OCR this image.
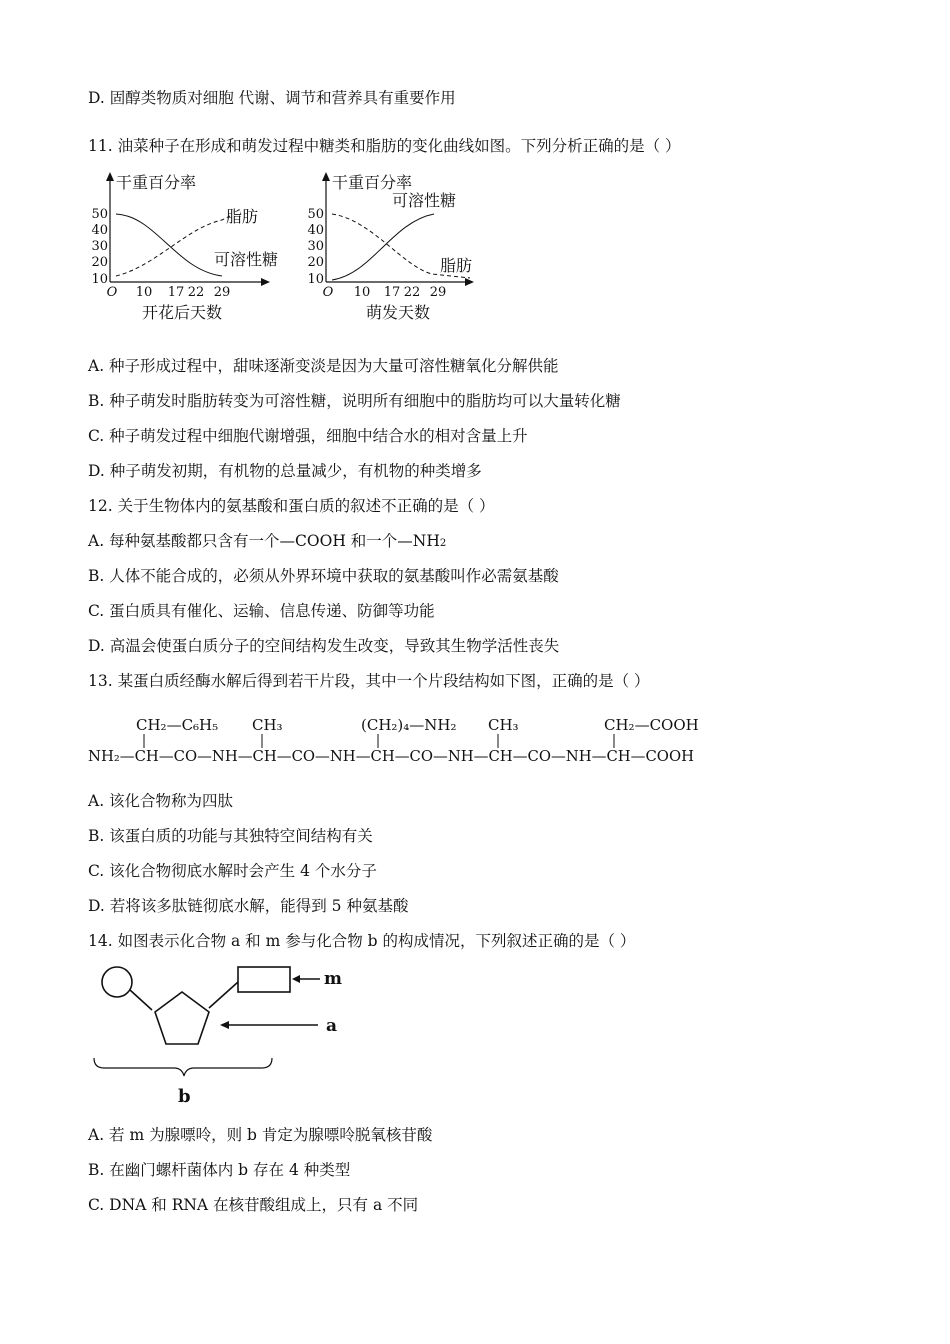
D. 固醇类物质对细胞 代谢、调节和营养具有重要作用
11. 油菜种子在形成和萌发过程中糖类和脂肪的变化曲线如图。下列分析正确的是（ ）
干重百分率
50
40
30
20
10
O 10 17 22 29
脂肪
可溶性糖
开花后天数
干重百分率
50
40
30
20
10
O 10 17 22 29
可溶性糖
脂肪
萌发天数
A. 种子形成过程中，甜味逐渐变淡是因为大量可溶性糖氧化分解供能
B. 种子萌发时脂肪转变为可溶性糖，说明所有细胞中的脂肪均可以大量转化糖
C. 种子萌发过程中细胞代谢增强，细胞中结合水的相对含量上升
D. 种子萌发初期，有机物的总量减少，有机物的种类增多
12. 关于生物体内的氨基酸和蛋白质的叙述不正确的是（ ）
A. 每种氨基酸都只含有一个—COOH 和一个—NH2
B. 人体不能合成的，必须从外界环境中获取的氨基酸叫作必需氨基酸
C. 蛋白质具有催化、运输、信息传递、防御等功能
D. 高温会使蛋白质分子的空间结构发生改变，导致其生物学活性丧失
13. 某蛋白质经酶水解后得到若干片段，其中一个片段结构如下图，正确的是（ ）
CH₂—C₆H₅ CH₃	(CH₂)₄—NH₂ CH₃	CH₂—COOH
NH₂—CH—CO—NH—CH—CO—NH—CH—CO—NH—CH—CO—NH—CH—COOH
A. 该化合物称为四肽
B. 该蛋白质的功能与其独特空间结构有关
C. 该化合物彻底水解时会产生 4 个水分子
D. 若将该多肽链彻底水解，能得到 5 种氨基酸
14. 如图表示化合物 a 和 m 参与化合物 b 的构成情况，下列叙述正确的是（ ）
m
a
b
A. 若 m 为腺嘌呤，则 b 肯定为腺嘌呤脱氧核苷酸
B. 在幽门螺杆菌体内 b 存在 4 种类型
C. DNA 和 RNA 在核苷酸组成上，只有 a 不同
